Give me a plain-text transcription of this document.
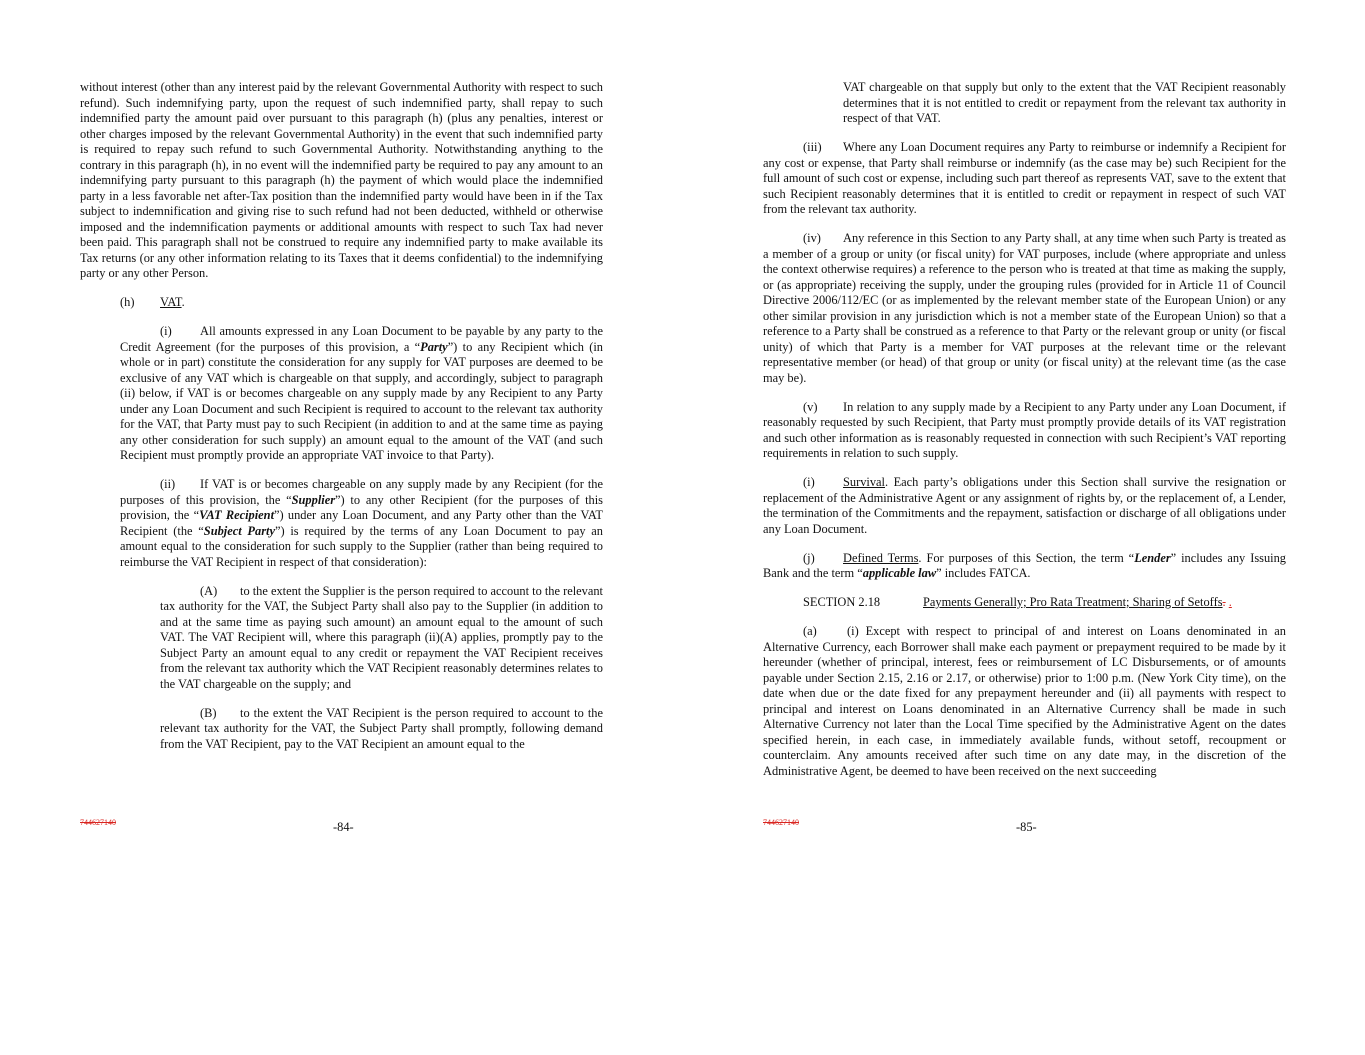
without interest (other than any interest paid by the relevant Governmental Authority with respect to such refund). Such indemnifying party, upon the request of such indemnified party, shall repay to such indemnified party the amount paid over pursuant to this paragraph (h) (plus any penalties, interest or other charges imposed by the relevant Governmental Authority) in the event that such indemnified party is required to repay such refund to such Governmental Authority. Notwithstanding anything to the contrary in this paragraph (h), in no event will the indemnified party be required to pay any amount to an indemnifying party pursuant to this paragraph (h) the payment of which would place the indemnified party in a less favorable net after-Tax position than the indemnified party would have been in if the Tax subject to indemnification and giving rise to such refund had not been deducted, withheld or otherwise imposed and the indemnification payments or additional amounts with respect to such Tax had never been paid. This paragraph shall not be construed to require any indemnified party to make available its Tax returns (or any other information relating to its Taxes that it deems confidential) to the indemnifying party or any other Person.

(h) VAT.

(i) All amounts expressed in any Loan Document to be payable by any party to the Credit Agreement (for the purposes of this provision, a “Party”) to any Recipient which (in whole or in part) constitute the consideration for any supply for VAT purposes are deemed to be exclusive of any VAT which is chargeable on that supply, and accordingly, subject to paragraph (ii) below, if VAT is or becomes chargeable on any supply made by any Recipient to any Party under any Loan Document and such Recipient is required to account to the relevant tax authority for the VAT, that Party must pay to such Recipient (in addition to and at the same time as paying any other consideration for such supply) an amount equal to the amount of the VAT (and such Recipient must promptly provide an appropriate VAT invoice to that Party).

(ii) If VAT is or becomes chargeable on any supply made by any Recipient (for the purposes of this provision, the “Supplier”) to any other Recipient (for the purposes of this provision, the “VAT Recipient”) under any Loan Document, and any Party other than the VAT Recipient (the “Subject Party”) is required by the terms of any Loan Document to pay an amount equal to the consideration for such supply to the Supplier (rather than being required to reimburse the VAT Recipient in respect of that consideration):

(A) to the extent the Supplier is the person required to account to the relevant tax authority for the VAT, the Subject Party shall also pay to the Supplier (in addition to and at the same time as paying such amount) an amount equal to the amount of such VAT. The VAT Recipient will, where this paragraph (ii)(A) applies, promptly pay to the Subject Party an amount equal to any credit or repayment the VAT Recipient receives from the relevant tax authority which the VAT Recipient reasonably determines relates to the VAT chargeable on the supply; and

(B) to the extent the VAT Recipient is the person required to account to the relevant tax authority for the VAT, the Subject Party shall promptly, following demand from the VAT Recipient, pay to the VAT Recipient an amount equal to the

744627140	-84-

VAT chargeable on that supply but only to the extent that the VAT Recipient reasonably determines that it is not entitled to credit or repayment from the relevant tax authority in respect of that VAT.

(iii) Where any Loan Document requires any Party to reimburse or indemnify a Recipient for any cost or expense, that Party shall reimburse or indemnify (as the case may be) such Recipient for the full amount of such cost or expense, including such part thereof as represents VAT, save to the extent that such Recipient reasonably determines that it is entitled to credit or repayment in respect of such VAT from the relevant tax authority.

(iv) Any reference in this Section to any Party shall, at any time when such Party is treated as a member of a group or unity (or fiscal unity) for VAT purposes, include (where appropriate and unless the context otherwise requires) a reference to the person who is treated at that time as making the supply, or (as appropriate) receiving the supply, under the grouping rules (provided for in Article 11 of Council Directive 2006/112/EC (or as implemented by the relevant member state of the European Union) or any other similar provision in any jurisdiction which is not a member state of the European Union) so that a reference to a Party shall be construed as a reference to that Party or the relevant group or unity (or fiscal unity) of which that Party is a member for VAT purposes at the relevant time or the relevant representative member (or head) of that group or unity (or fiscal unity) at the relevant time (as the case may be).

(v) In relation to any supply made by a Recipient to any Party under any Loan Document, if reasonably requested by such Recipient, that Party must promptly provide details of its VAT registration and such other information as is reasonably requested in connection with such Recipient’s VAT reporting requirements in relation to such supply.

(i) Survival. Each party’s obligations under this Section shall survive the resignation or replacement of the Administrative Agent or any assignment of rights by, or the replacement of, a Lender, the termination of the Commitments and the repayment, satisfaction or discharge of all obligations under any Loan Document.

(j) Defined Terms. For purposes of this Section, the term “Lender” includes any Issuing Bank and the term “applicable law” includes FATCA.

SECTION 2.18	Payments Generally; Pro Rata Treatment; Sharing of Setoffs. .

(a) (i) Except with respect to principal of and interest on Loans denominated in an Alternative Currency, each Borrower shall make each payment or prepayment required to be made by it hereunder (whether of principal, interest, fees or reimbursement of LC Disbursements, or of amounts payable under Section 2.15, 2.16 or 2.17, or otherwise) prior to 1:00 p.m. (New York City time), on the date when due or the date fixed for any prepayment hereunder and (ii) all payments with respect to principal and interest on Loans denominated in an Alternative Currency shall be made in such Alternative Currency not later than the Local Time specified by the Administrative Agent on the dates specified herein, in each case, in immediately available funds, without setoff, recoupment or counterclaim. Any amounts received after such time on any date may, in the discretion of the Administrative Agent, be deemed to have been received on the next succeeding

744627140	-85-
